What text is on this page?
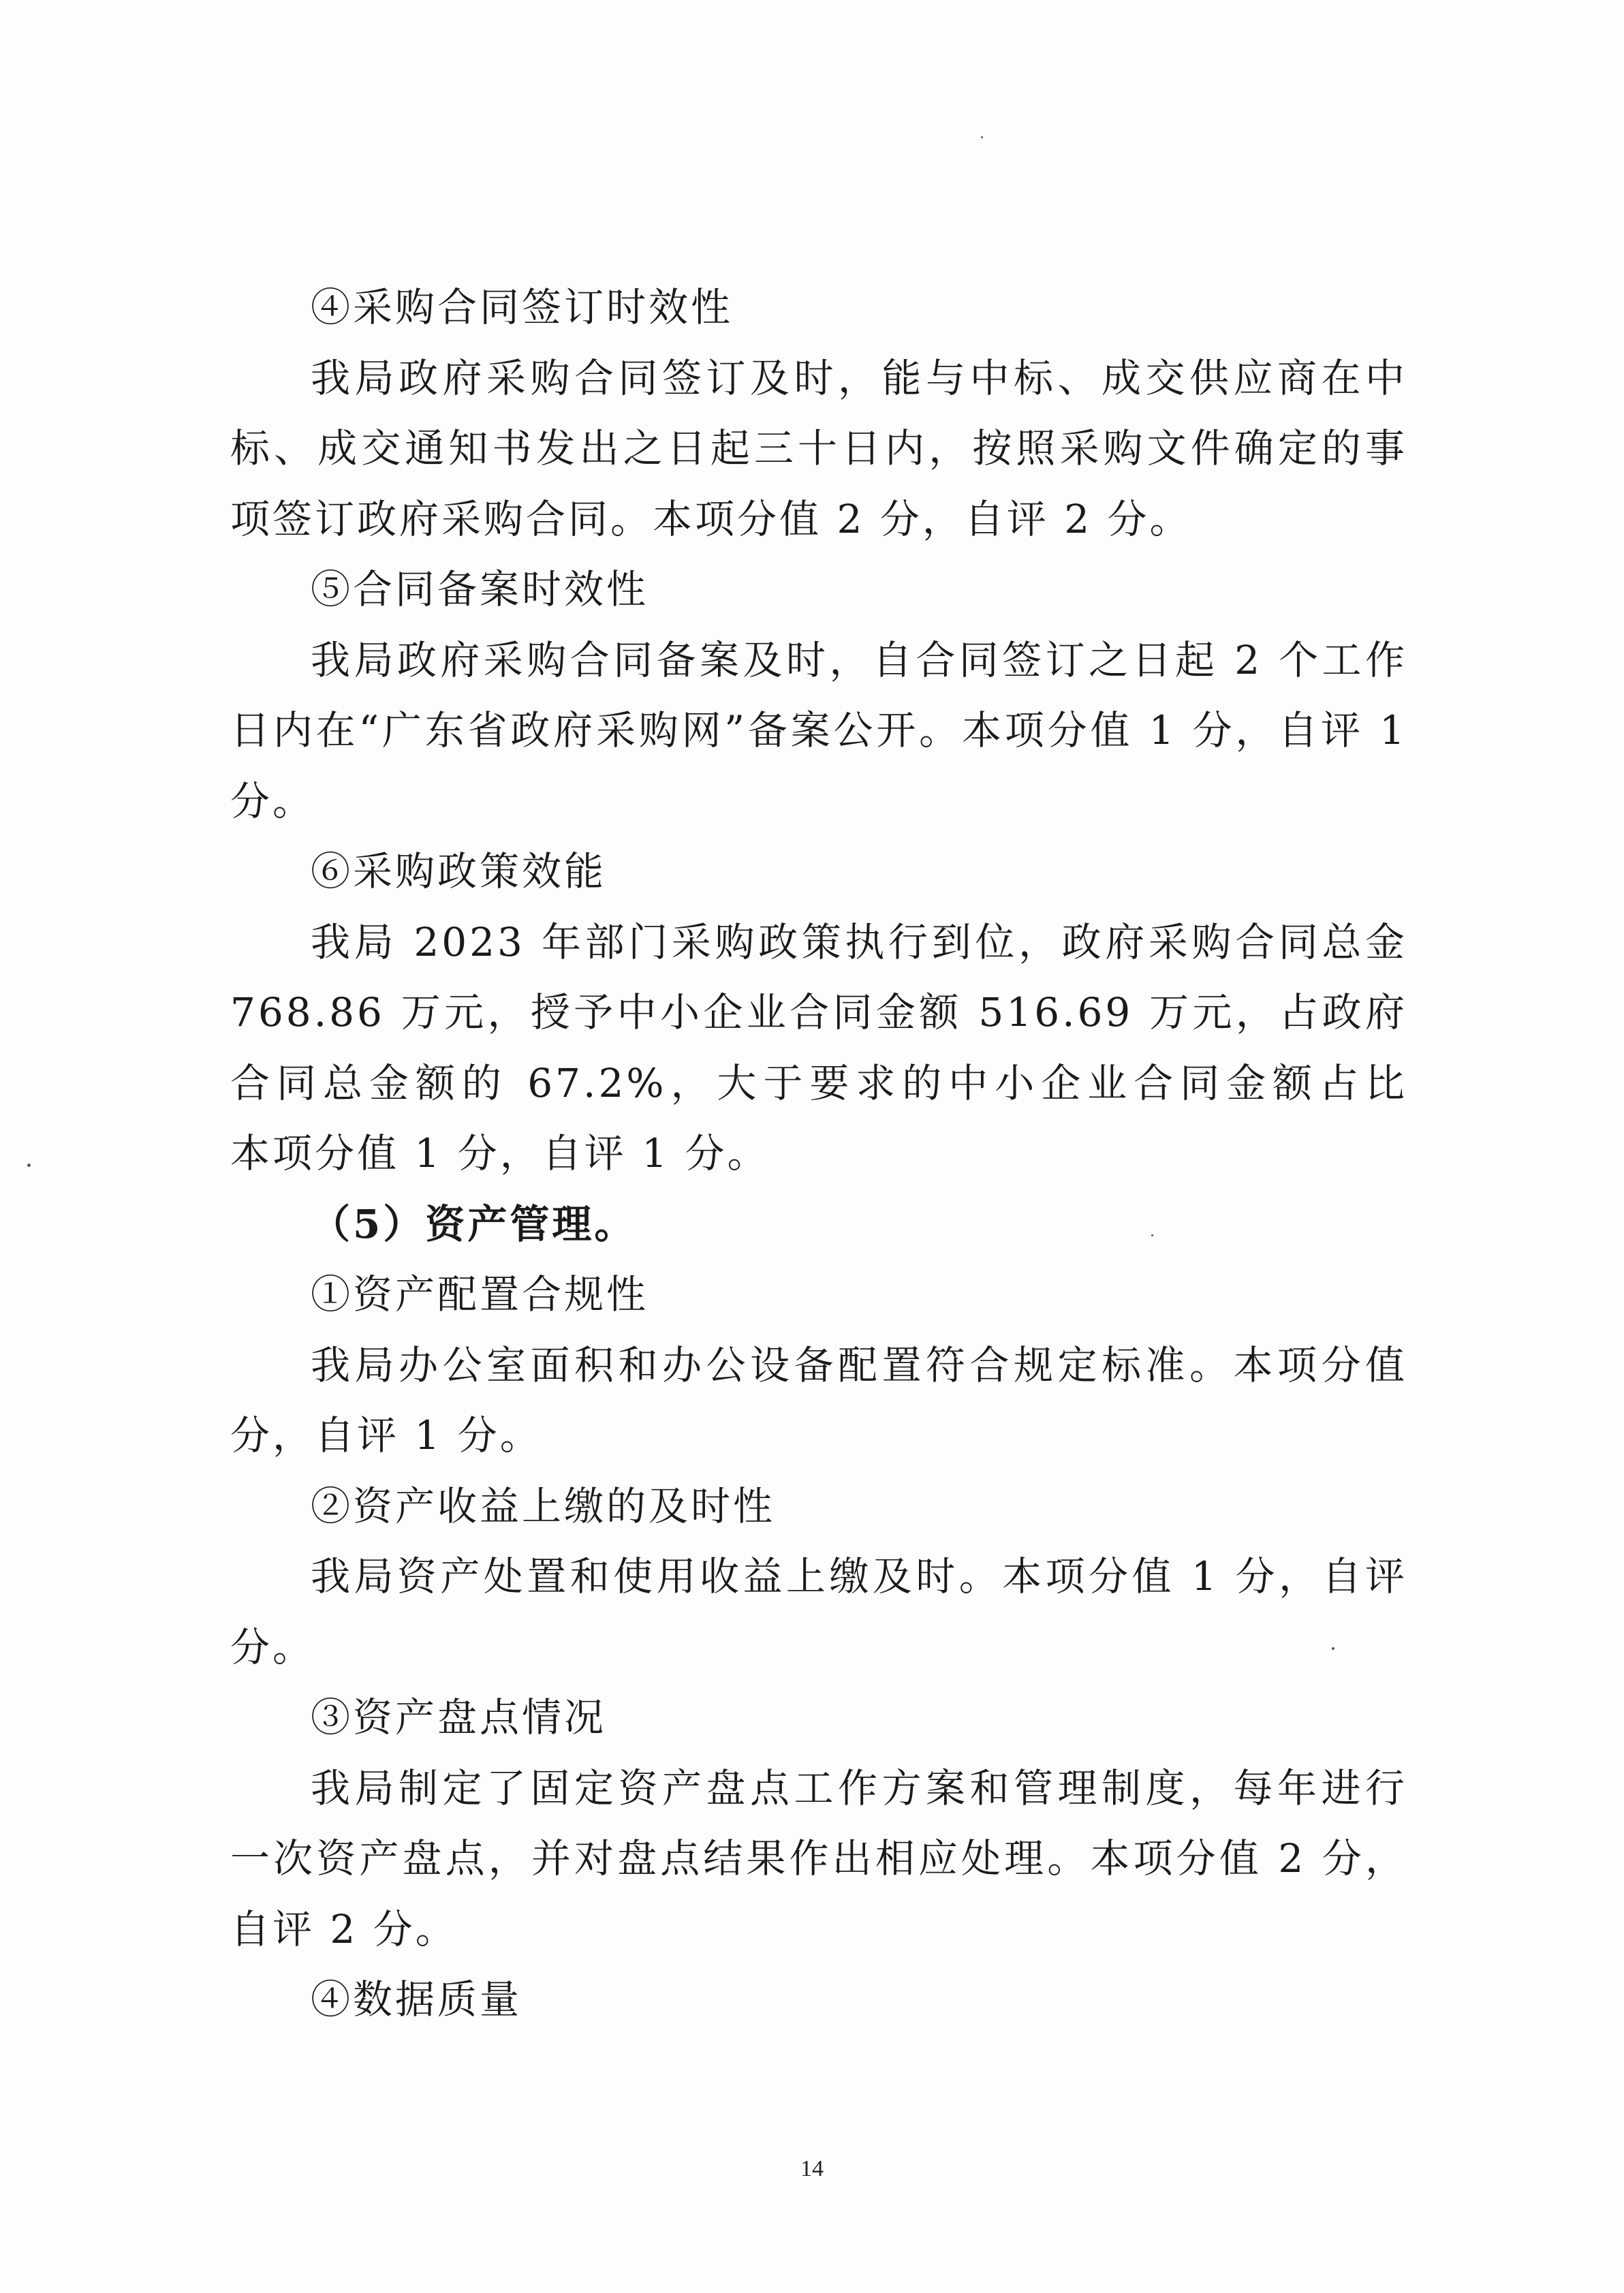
④采购合同签订时效性

我局政府采购合同签订及时，能与中标、成交供应商在中

标、成交通知书发出之日起三十日内，按照采购文件确定的事

项签订政府采购合同。本项分值 2 分，自评 2 分。

⑤合同备案时效性

我局政府采购合同备案及时，自合同签订之日起 2 个工作

日内在“广东省政府采购网”备案公开。本项分值 1 分，自评 1

分。

⑥采购政策效能

我局 2023 年部门采购政策执行到位，政府采购合同总金

768.86 万元，授予中小企业合同金额 516.69 万元，占政府

合同总金额的 67.2%，大于要求的中小企业合同金额占比

本项分值 1 分，自评 1 分。

（5）资产管理。

①资产配置合规性

我局办公室面积和办公设备配置符合规定标准。本项分值

分，自评 1 分。

②资产收益上缴的及时性

我局资产处置和使用收益上缴及时。本项分值 1 分，自评

分。

③资产盘点情况

我局制定了固定资产盘点工作方案和管理制度，每年进行

一次资产盘点，并对盘点结果作出相应处理。本项分值 2 分，

自评 2 分。

④数据质量

14
